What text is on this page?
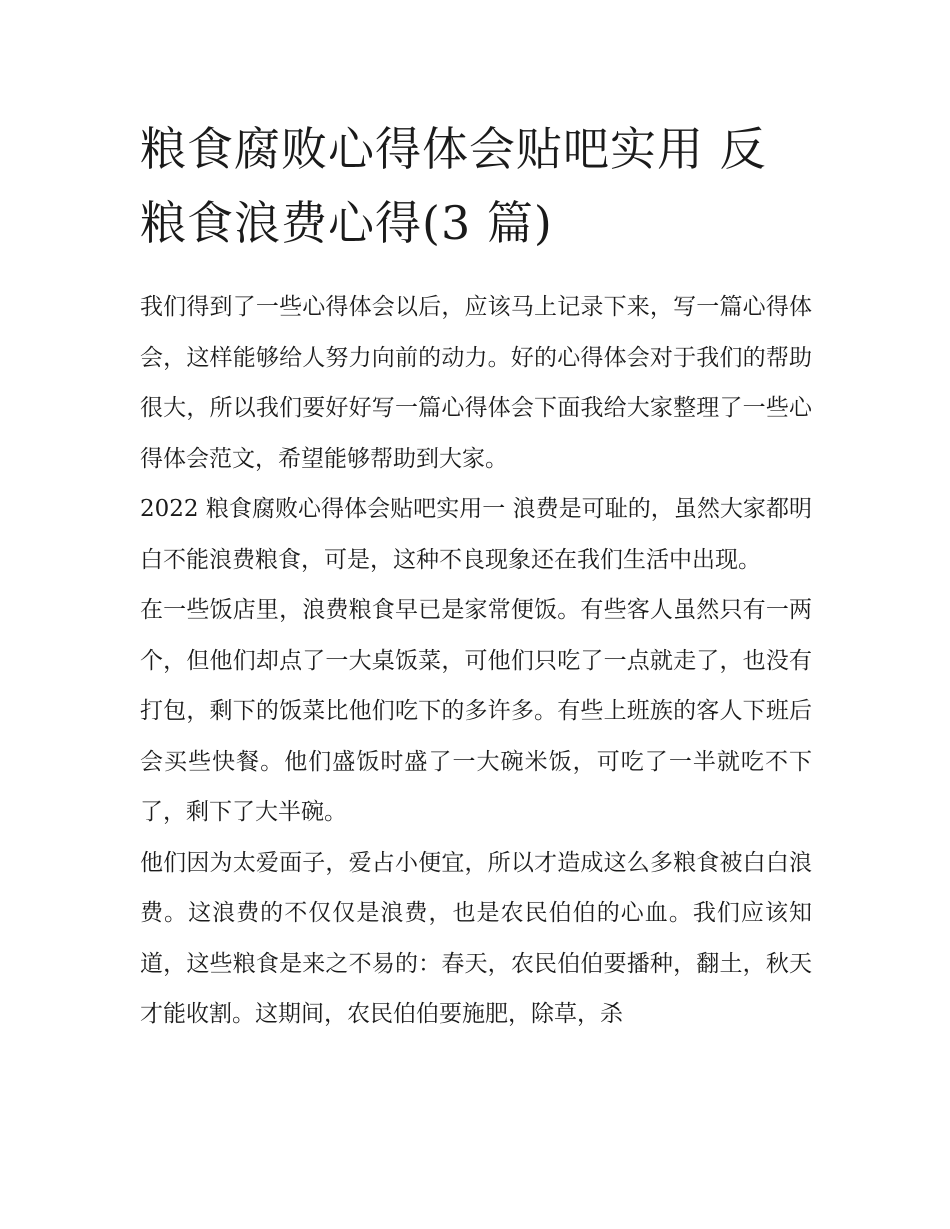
粮食腐败心得体会贴吧实用 反粮食浪费心得(3 篇)

我们得到了一些心得体会以后，应该马上记录下来，写一篇心得体会，这样能够给人努力向前的动力。好的心得体会对于我们的帮助很大，所以我们要好好写一篇心得体会下面我给大家整理了一些心得体会范文，希望能够帮助到大家。

2022 粮食腐败心得体会贴吧实用一 浪费是可耻的，虽然大家都明白不能浪费粮食，可是，这种不良现象还在我们生活中出现。

在一些饭店里，浪费粮食早已是家常便饭。有些客人虽然只有一两个，但他们却点了一大桌饭菜，可他们只吃了一点就走了，也没有打包，剩下的饭菜比他们吃下的多许多。有些上班族的客人下班后会买些快餐。他们盛饭时盛了一大碗米饭，可吃了一半就吃不下了，剩下了大半碗。

他们因为太爱面子，爱占小便宜，所以才造成这么多粮食被白白浪费。这浪费的不仅仅是浪费，也是农民伯伯的心血。我们应该知道，这些粮食是来之不易的：春天，农民伯伯要播种，翻土，秋天才能收割。这期间，农民伯伯要施肥，除草，杀
